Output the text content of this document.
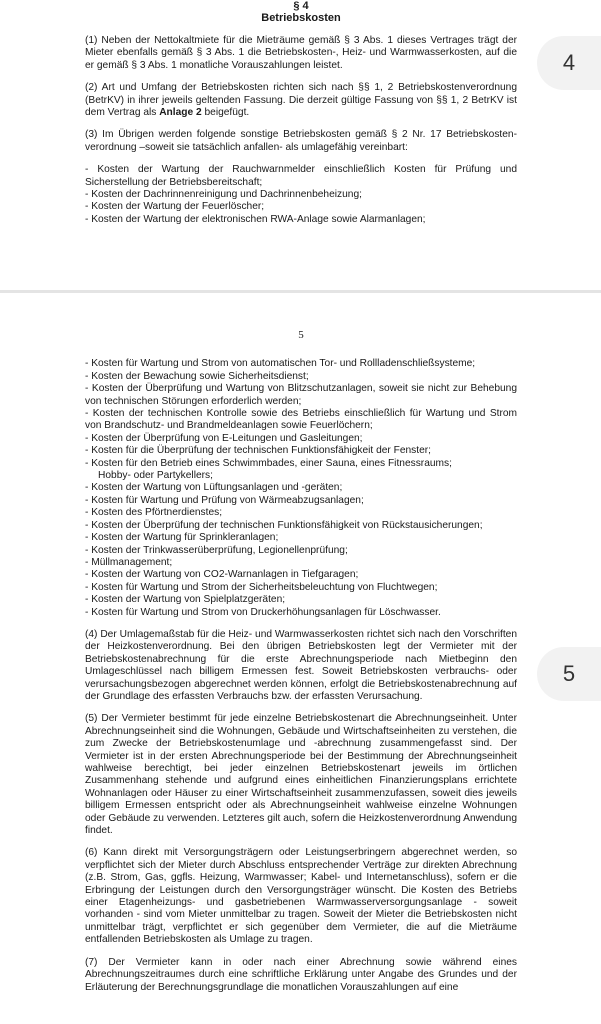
§ 4
Betriebskosten

(1) Neben der Nettokaltmiete für die Mieträume gemäß § 3 Abs. 1 dieses Vertrages trägt der Mieter ebenfalls gemäß § 3 Abs. 1 die Betriebskosten-, Heiz- und Warmwasserkosten, auf die er gemäß § 3 Abs. 1 monatliche Vorauszahlungen leistet.

(2) Art und Umfang der Betriebskosten richten sich nach §§ 1, 2 Betriebskostenverordnung (BetrKV) in ihrer jeweils geltenden Fassung. Die derzeit gültige Fassung von §§ 1, 2 BetrKV ist dem Vertrag als Anlage 2 beigefügt.

(3) Im Übrigen werden folgende sonstige Betriebskosten gemäß § 2 Nr. 17 Betriebskosten-verordnung –soweit sie tatsächlich anfallen- als umlagefähig vereinbart:

- Kosten der Wartung der Rauchwarnmelder einschließlich Kosten für Prüfung und Sicherstellung der Betriebsbereitschaft;
- Kosten der Dachrinnenreinigung und Dachrinnenbeheizung;
- Kosten der Wartung der Feuerlöscher;
- Kosten der Wartung der elektronischen RWA-Anlage sowie Alarmanlagen;
4
5
- Kosten für Wartung und Strom von automatischen Tor- und Rollladenschließsysteme;
- Kosten der Bewachung sowie Sicherheitsdienst;
- Kosten der Überprüfung und Wartung von Blitzschutzanlagen, soweit sie nicht zur Behebung von technischen Störungen erforderlich werden;
- Kosten der technischen Kontrolle sowie des Betriebs einschließlich für Wartung und Strom von Brandschutz- und Brandmeldeanlagen sowie Feuerlöchern;
- Kosten der Überprüfung von E-Leitungen und Gasleitungen;
- Kosten für die Überprüfung der technischen Funktionsfähigkeit der Fenster;
- Kosten für den Betrieb eines Schwimmbades, einer Sauna, eines Fitnessraums;
Hobby- oder Partykellers;
- Kosten der Wartung von Lüftungsanlagen und -geräten;
- Kosten für Wartung und Prüfung von Wärmeabzugsanlagen;
- Kosten des Pförtnerdienstes;
- Kosten der Überprüfung der technischen Funktionsfähigkeit von Rückstausicherungen;
- Kosten der Wartung für Sprinkleranlagen;
- Kosten der Trinkwasserüberprüfung, Legionellenprüfung;
- Müllmanagement;
- Kosten der Wartung von CO2-Warnanlagen in Tiefgaragen;
- Kosten für Wartung und Strom der Sicherheitsbeleuchtung von Fluchtwegen;
- Kosten der Wartung von Spielplatzgeräten;
- Kosten für Wartung und Strom von Druckerhöhungsanlagen für Löschwasser.

(4) Der Umlagemaßstab für die Heiz- und Warmwasserkosten richtet sich nach den Vorschriften der Heizkostenverordnung. Bei den übrigen Betriebskosten legt der Vermieter mit der Betriebskostenabrechnung für die erste Abrechnungsperiode nach Mietbeginn den Umlageschlüssel nach billigem Ermessen fest. Soweit Betriebskosten verbrauchs- oder verursachungsbezogen abgerechnet werden können, erfolgt die Betriebskostenabrechnung auf der Grundlage des erfassten Verbrauchs bzw. der erfassten Verursachung.

(5) Der Vermieter bestimmt für jede einzelne Betriebskostenart die Abrechnungseinheit. Unter Abrechnungseinheit sind die Wohnungen, Gebäude und Wirtschaftseinheiten zu verstehen, die zum Zwecke der Betriebskostenumlage und -abrechnung zusammengefasst sind. Der Vermieter ist in der ersten Abrechnungsperiode bei der Bestimmung der Abrechnungseinheit wahlweise berechtigt, bei jeder einzelnen Betriebskostenart jeweils im örtlichen Zusammenhang stehende und aufgrund eines einheitlichen Finanzierungsplans errichtete Wohnanlagen oder Häuser zu einer Wirtschaftseinheit zusammenzufassen, soweit dies jeweils billigem Ermessen entspricht oder als Abrechnungseinheit wahlweise einzelne Wohnungen oder Gebäude zu verwenden. Letzteres gilt auch, sofern die Heizkostenverordnung Anwendung findet.

(6) Kann direkt mit Versorgungsträgern oder Leistungserbringern abgerechnet werden, so verpflichtet sich der Mieter durch Abschluss entsprechender Verträge zur direkten Abrechnung (z.B. Strom, Gas, ggfls. Heizung, Warmwasser; Kabel- und Internetanschluss), sofern er die Erbringung der Leistungen durch den Versorgungsträger wünscht. Die Kosten des Betriebs einer Etagenheizungs- und gasbetriebenen Warmwasserversorgungsanlage - soweit vorhanden - sind vom Mieter unmittelbar zu tragen. Soweit der Mieter die Betriebskosten nicht unmittelbar trägt, verpflichtet er sich gegenüber dem Vermieter, die auf die Mieträume entfallenden Betriebskosten als Umlage zu tragen.

(7) Der Vermieter kann in oder nach einer Abrechnung sowie während eines Abrechnungszeitraumes durch eine schriftliche Erklärung unter Angabe des Grundes und der Erläuterung der Berechnungsgrundlage die monatlichen Vorauszahlungen auf eine

5
